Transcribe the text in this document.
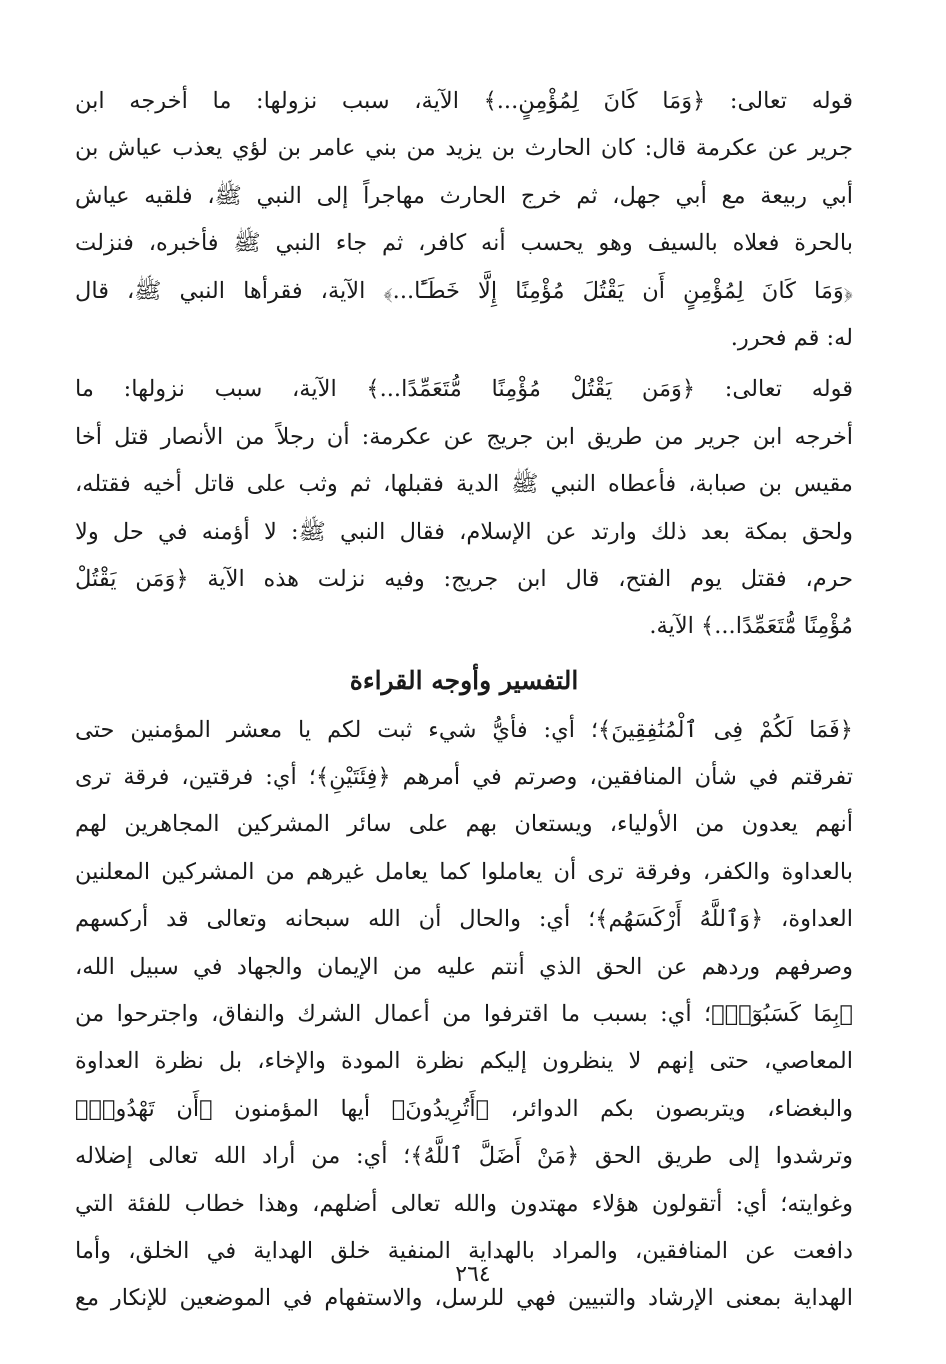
قوله تعالى: ﴿وَمَا كَانَ لِمُؤْمِنٍ...﴾ الآية، سبب نزولها: ما أخرجه ابن
جرير عن عكرمة قال: كان الحارث بن يزيد من بني عامر بن لؤي يعذب عياش بن
أبي ربيعة مع أبي جهل، ثم خرج الحارث مهاجراً إلى النبي ﷺ، فلقيه عياش
بالحرة فعلاه بالسيف وهو يحسب أنه كافر، ثم جاء النبي ﷺ فأخبره، فنزلت
﴿وَمَا كَانَ لِمُؤْمِنٍ أَن يَقْتُلَ مُؤْمِنًا إِلَّا خَطَـًٔا...﴾ الآية، فقرأها النبي ﷺ، قال
له: قم فحرر.
قوله تعالى: ﴿وَمَن يَقْتُلْ مُؤْمِنًا مُّتَعَمِّدًا...﴾ الآية، سبب نزولها: ما
أخرجه ابن جرير من طريق ابن جريج عن عكرمة: أن رجلاً من الأنصار قتل أخا
مقيس بن صبابة، فأعطاه النبي ﷺ الدية فقبلها، ثم وثب على قاتل أخيه فقتله،
ولحق بمكة بعد ذلك وارتد عن الإسلام، فقال النبي ﷺ: لا أؤمنه في حل ولا
حرم، فقتل يوم الفتح، قال ابن جريج: وفيه نزلت هذه الآية ﴿وَمَن يَقْتُلْ
مُؤْمِنًا مُّتَعَمِّدًا...﴾ الآية.
التفسير وأوجه القراءة
﴿فَمَا لَكُمْ فِى ٱلْمُنَٰفِقِينَ﴾؛ أي: فأيُّ شيء ثبت لكم يا معشر المؤمنين حتى
تفرقتم في شأن المنافقين، وصرتم في أمرهم ﴿فِئَتَيْنِ﴾؛ أي: فرقتين، فرقة ترى
أنهم يعدون من الأولياء، ويستعان بهم على سائر المشركين المجاهرين لهم
بالعداوة والكفر، وفرقة ترى أن يعاملوا كما يعامل غيرهم من المشركين المعلنين
العداوة، ﴿وَٱللَّهُ أَرْكَسَهُم﴾؛ أي: والحال أن الله سبحانه وتعالى قد أركسهم
وصرفهم وردهم عن الحق الذي أنتم عليه من الإيمان والجهاد في سبيل الله،
﴿بِمَا كَسَبُوٓا۟﴾؛ أي: بسبب ما اقترفوا من أعمال الشرك والنفاق، واجترحوا من
المعاصي، حتى إنهم لا ينظرون إليكم نظرة المودة والإخاء، بل نظرة العداوة
والبغضاء، ويتربصون بكم الدوائر، ﴿أَتُرِيدُونَ﴾ أيها المؤمنون ﴿أَن تَهْدُوا۟﴾
وترشدوا إلى طريق الحق ﴿مَنْ أَضَلَّ ٱللَّهُ﴾؛ أي: من أراد الله تعالى إضلاله
وغوايته؛ أي: أتقولون هؤلاء مهتدون والله تعالى أضلهم، وهذا خطاب للفئة التي
دافعت عن المنافقين، والمراد بالهداية المنفية خلق الهداية في الخلق، وأما
الهداية بمعنى الإرشاد والتبيين فهي للرسل، والاستفهام في الموضعين للإنكار مع
٢٦٤
